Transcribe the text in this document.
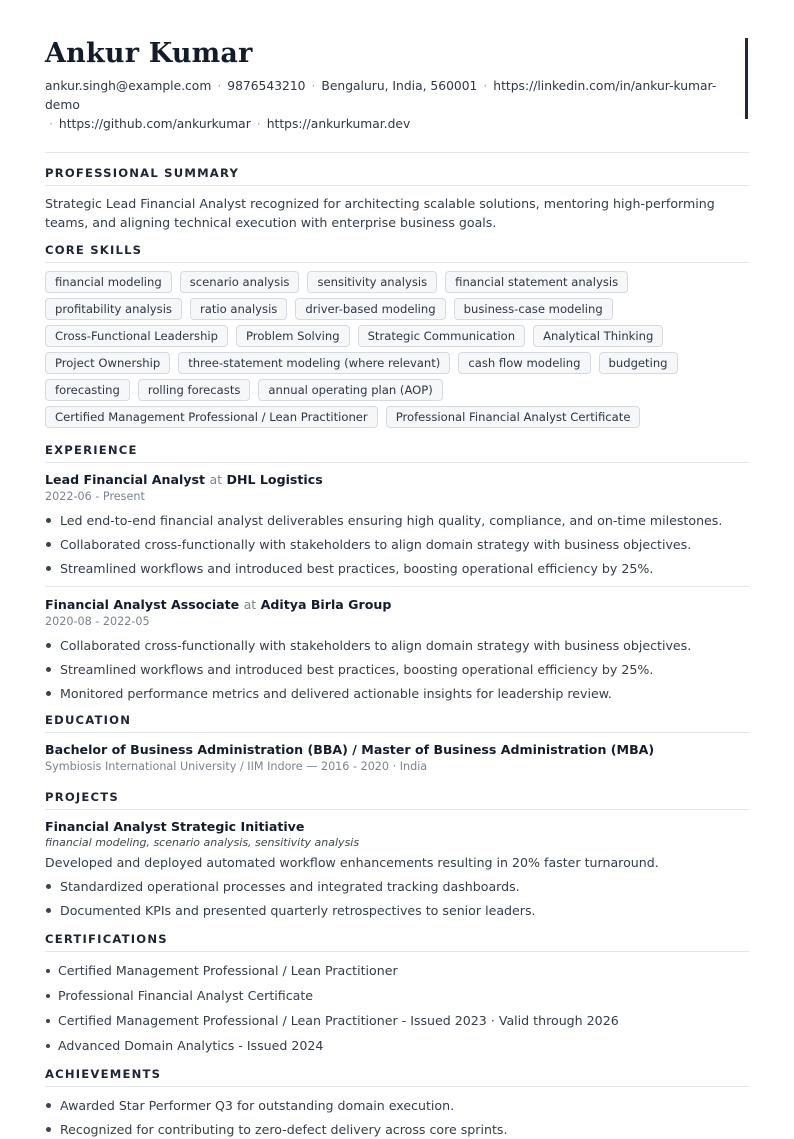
Ankur Kumar
ankur.singh@example.com · 9876543210 · Bengaluru, India, 560001 · https://linkedin.com/in/ankur-kumar-demo
· https://github.com/ankurkumar · https://ankurkumar.dev
PROFESSIONAL SUMMARY
Strategic Lead Financial Analyst recognized for architecting scalable solutions, mentoring high-performing teams, and aligning technical execution with enterprise business goals.
CORE SKILLS
financial modeling	scenario analysis	sensitivity analysis	financial statement analysis
profitability analysis	ratio analysis	driver-based modeling	business-case modeling
Cross-Functional Leadership	Problem Solving	Strategic Communication	Analytical Thinking
Project Ownership	three-statement modeling (where relevant)	cash flow modeling	budgeting
forecasting	rolling forecasts	annual operating plan (AOP)
Certified Management Professional / Lean Practitioner	Professional Financial Analyst Certificate
EXPERIENCE
Lead Financial Analyst at DHL Logistics
2022-06 - Present
Led end-to-end financial analyst deliverables ensuring high quality, compliance, and on-time milestones.
Collaborated cross-functionally with stakeholders to align domain strategy with business objectives.
Streamlined workflows and introduced best practices, boosting operational efficiency by 25%.
Financial Analyst Associate at Aditya Birla Group
2020-08 - 2022-05
Collaborated cross-functionally with stakeholders to align domain strategy with business objectives.
Streamlined workflows and introduced best practices, boosting operational efficiency by 25%.
Monitored performance metrics and delivered actionable insights for leadership review.
EDUCATION
Bachelor of Business Administration (BBA) / Master of Business Administration (MBA)
Symbiosis International University / IIM Indore — 2016 - 2020 · India
PROJECTS
Financial Analyst Strategic Initiative
financial modeling, scenario analysis, sensitivity analysis
Developed and deployed automated workflow enhancements resulting in 20% faster turnaround.
Standardized operational processes and integrated tracking dashboards.
Documented KPIs and presented quarterly retrospectives to senior leaders.
CERTIFICATIONS
Certified Management Professional / Lean Practitioner
Professional Financial Analyst Certificate
Certified Management Professional / Lean Practitioner - Issued 2023 · Valid through 2026
Advanced Domain Analytics - Issued 2024
ACHIEVEMENTS
Awarded Star Performer Q3 for outstanding domain execution.
Recognized for contributing to zero-defect delivery across core sprints.
